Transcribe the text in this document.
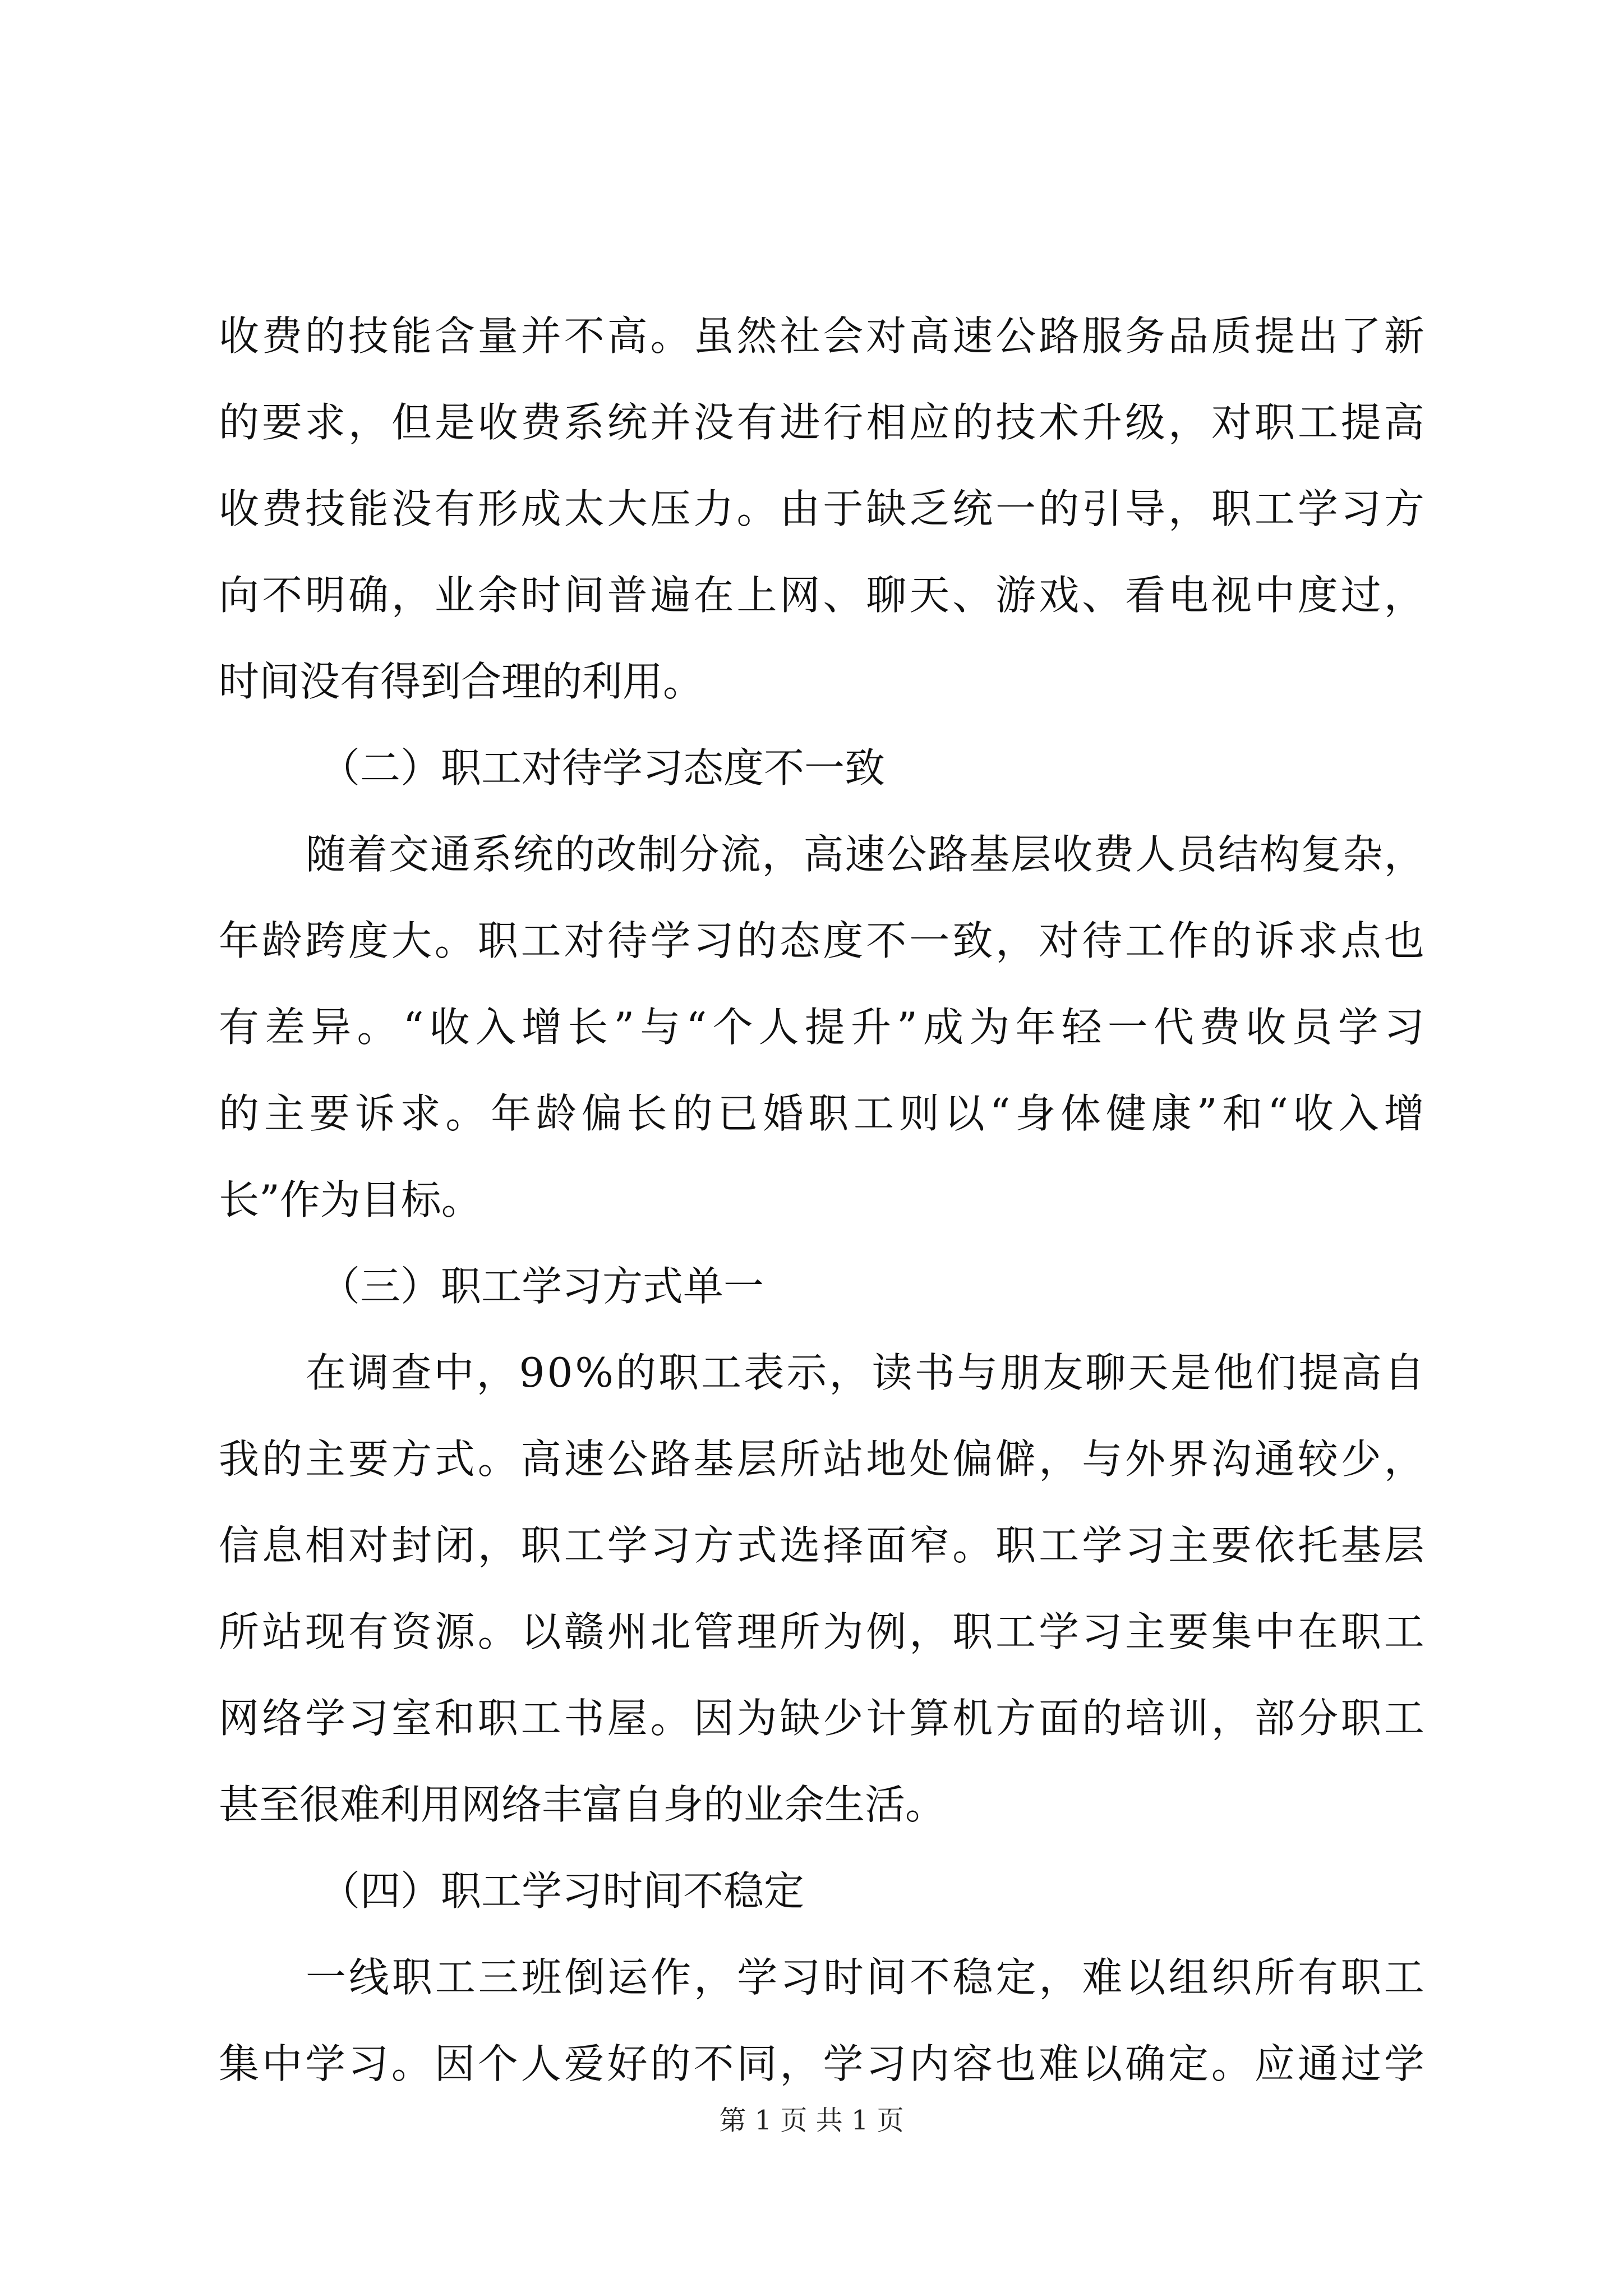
收 费 的 技 能 含 量 并 不 高 。 虽 然 社 会 对 高 速 公 路 服 务 品 质 提 出 了 新
的 要 求 ， 但 是 收 费 系 统 并 没 有 进 行 相 应 的 技 术 升 级 ， 对 职 工 提 高
收 费 技 能 没 有 形 成 太 大 压 力 。 由 于 缺 乏 统 一 的 引 导 ， 职 工 学 习 方
向 不 明 确 ， 业 余 时 间 普 遍 在 上 网 、 聊 天 、 游 戏 、 看 电 视 中 度 过 ，
时间没有得到合理的利用。
（二）职工对待学习态度不一致
随 着 交 通 系 统 的 改 制 分 流 ， 高 速 公 路 基 层 收 费 人 员 结 构 复 杂 ，
年 龄 跨 度 大 。 职 工 对 待 学 习 的 态 度 不 一 致 ， 对 待 工 作 的 诉 求 点 也
有 差 异 。 “ 收 入 增 长 ” 与 “ 个 人 提 升 ” 成 为 年 轻 一 代 费 收 员 学 习
的 主 要 诉 求 。 年 龄 偏 长 的 已 婚 职 工 则 以 “ 身 体 健 康 ” 和 “ 收 入 增
长”作为目标。
（三）职工学习方式单一
在 调 查 中 ， 9 0 % 的 职 工 表 示 ， 读 书 与 朋 友 聊 天 是 他 们 提 高 自
我 的 主 要 方 式 。 高 速 公 路 基 层 所 站 地 处 偏 僻 ， 与 外 界 沟 通 较 少 ，
信 息 相 对 封 闭 ， 职 工 学 习 方 式 选 择 面 窄 。 职 工 学 习 主 要 依 托 基 层
所 站 现 有 资 源 。 以 赣 州 北 管 理 所 为 例 ， 职 工 学 习 主 要 集 中 在 职 工
网 络 学 习 室 和 职 工 书 屋 。 因 为 缺 少 计 算 机 方 面 的 培 训 ， 部 分 职 工
甚至很难利用网络丰富自身的业余生活。
（四）职工学习时间不稳定
一 线 职 工 三 班 倒 运 作 ， 学 习 时 间 不 稳 定 ， 难 以 组 织 所 有 职 工
集 中 学 习 。 因 个 人 爱 好 的 不 同 ， 学 习 内 容 也 难 以 确 定 。 应 通 过 学
第 1 页 共 1 页
